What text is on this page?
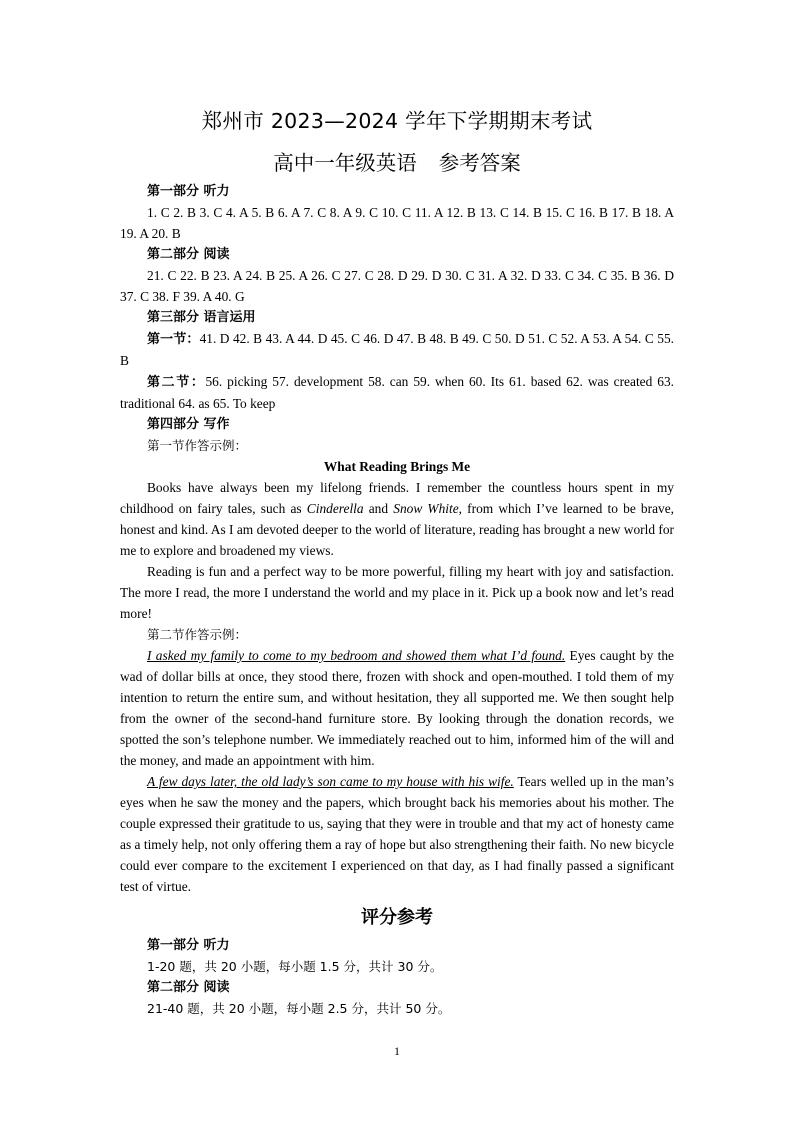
郑州市 2023—2024 学年下学期期末考试
高中一年级英语 参考答案

第一部分 听力

1. C 2. B 3. C 4. A 5. B 6. A 7. C 8. A 9. C 10. C 11. A 12. B 13. C 14. B 15. C 16. B 17. B 18. A 19. A 20. B

第二部分 阅读

21. C 22. B 23. A 24. B 25. A 26. C 27. C 28. D 29. D 30. C 31. A 32. D 33. C 34. C 35. B 36. D 37. C 38. F 39. A 40. G

第三部分 语言运用

第一节：41. D 42. B 43. A 44. D 45. C 46. D 47. B 48. B 49. C 50. D 51. C 52. A 53. A 54. C 55. B

第二节：56. picking 57. development 58. can 59. when 60. Its 61. based 62. was created 63. traditional 64. as 65. To keep

第四部分 写作

第一节作答示例：

What Reading Brings Me

Books have always been my lifelong friends. I remember the countless hours spent in my childhood on fairy tales, such as Cinderella and Snow White, from which I’ve learned to be brave, honest and kind. As I am devoted deeper to the world of literature, reading has brought a new world for me to explore and broadened my views.

Reading is fun and a perfect way to be more powerful, filling my heart with joy and satisfaction. The more I read, the more I understand the world and my place in it. Pick up a book now and let’s read more!

第二节作答示例：

I asked my family to come to my bedroom and showed them what I’d found. Eyes caught by the wad of dollar bills at once, they stood there, frozen with shock and open-mouthed. I told them of my intention to return the entire sum, and without hesitation, they all supported me. We then sought help from the owner of the second-hand furniture store. By looking through the donation records, we spotted the son’s telephone number. We immediately reached out to him, informed him of the will and the money, and made an appointment with him.

A few days later, the old lady’s son came to my house with his wife. Tears welled up in the man’s eyes when he saw the money and the papers, which brought back his memories about his mother. The couple expressed their gratitude to us, saying that they were in trouble and that my act of honesty came as a timely help, not only offering them a ray of hope but also strengthening their faith. No new bicycle could ever compare to the excitement I experienced on that day, as I had finally passed a significant test of virtue.

评分参考

第一部分 听力

1-20 题，共 20 小题，每小题 1.5 分，共计 30 分。

第二部分 阅读

21-40 题，共 20 小题，每小题 2.5 分，共计 50 分。

1
